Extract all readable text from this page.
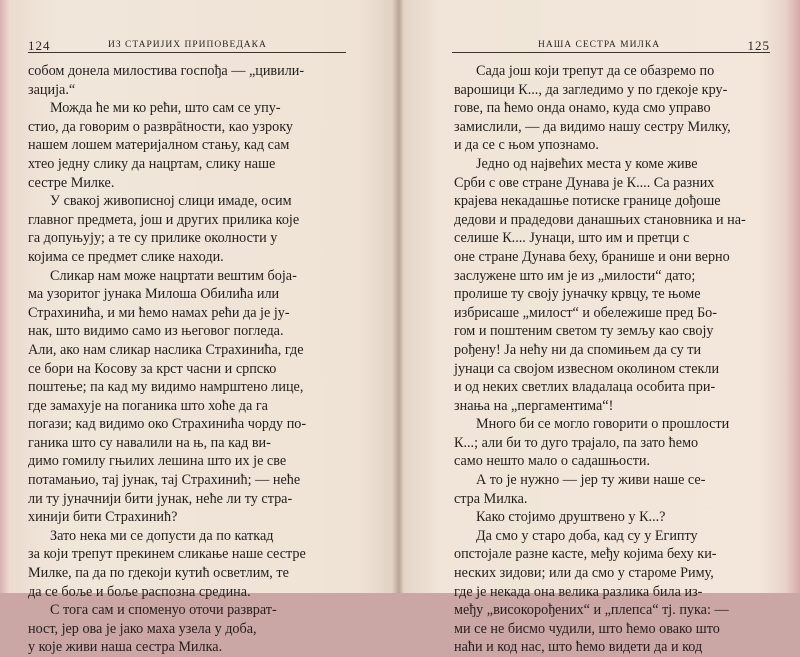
124	ИЗ СТАРИЈИХ ПРИПОВЕДАКА
собом донела милостива госпођа — „цивили-
зација.“
Можда ће ми ко рећи, што сам се упу-
стио, да говорим о разврātности, као узроку
нашем лошем материјалном стању, кад сам
хтео једну слику да нацртам, слику наше
сестре Милке.
У свакој живописној слици имаде, осим
главног предмета, још и других прилика које
га допуњују; а те су прилике околности у
којима се предмет слике находи.
Сликар нам може нацртати вештим боја-
ма узоритог јунака Милоша Обилића или
Страхинића, и ми ћемо намах рећи да је ју-
нак, што видимо само из његовог погледа.
Али, ако нам сликар наслика Страхинића, где
се бори на Косову за крст часни и српско
поштење; па кад му видимо намрштено лице,
где замахује на поганика што хоће да га
погази; кад видимо око Страхинића чорду по-
ганика што су навалили на њ, па кад ви-
димо гомилу гњилих лешина што их је све
потамањио, тај јунак, тај Страхинић; — неће
ли ту јуначнији бити јунак, неће ли ту стра-
хинији бити Страхинић?
Зато нека ми се допусти да по каткад
за који трепут прекинем сликање наше сестре
Милке, па да по гдекоји кутић осветлим, те
да се боље и боље распозна средина.
С тога сам и споменуо оточи разврат-
ност, јер ова је јако маха узела у доба,
у које живи наша сестра Милка.
НАША СЕСТРА МИЛКА	125
Сада још који трепут да се обазремо по
варошици К..., да загледимо у по гдекоје кру-
гове, па ћемо онда онамо, куда смо управо
замислили, — да видимо нашу сестру Милку,
и да се с њом упознамо.
Једно од највећих места у коме живе
Срби с ове стране Дунава је К.... Са разних
крајева некадашње потиске границе дођоше
дедови и прадедови данашњих становника и на-
селише К.... Јунаци, што им и претци с
оне стране Дунава беху, бранише и они верно
заслужене што им је из „милости“ дато;
пролише ту своју јуначку крвцу, те њоме
избрисаше „милост“ и обележише пред Бо-
гом и поштеним светом ту земљу као своју
рођену! Ја нећу ни да спомињем да су ти
јунаци са својом извесном околином стекли
и од неких светлих владалаца особита при-
знања на „пергаментима“!
Много би се могло говорити о прошлости
К...; али би то дуго трајало, па зато ћемо
само нешто мало о садашњости.
А то је нужно — јер ту живи наше се-
стра Милка.
Како стојимо друштвено у К...?
Да смо у старо доба, кад су у Египту
опстојале разне касте, међу којима беху ки-
неских зидови; или да смо у староме Риму,
где је некада она велика разлика била из-
међу „високорођених“ и „плепса“ тј. пука: —
ми се не бисмо чудили, што ћемо овако што
наћи и код нас, што ћемо видети да и код
